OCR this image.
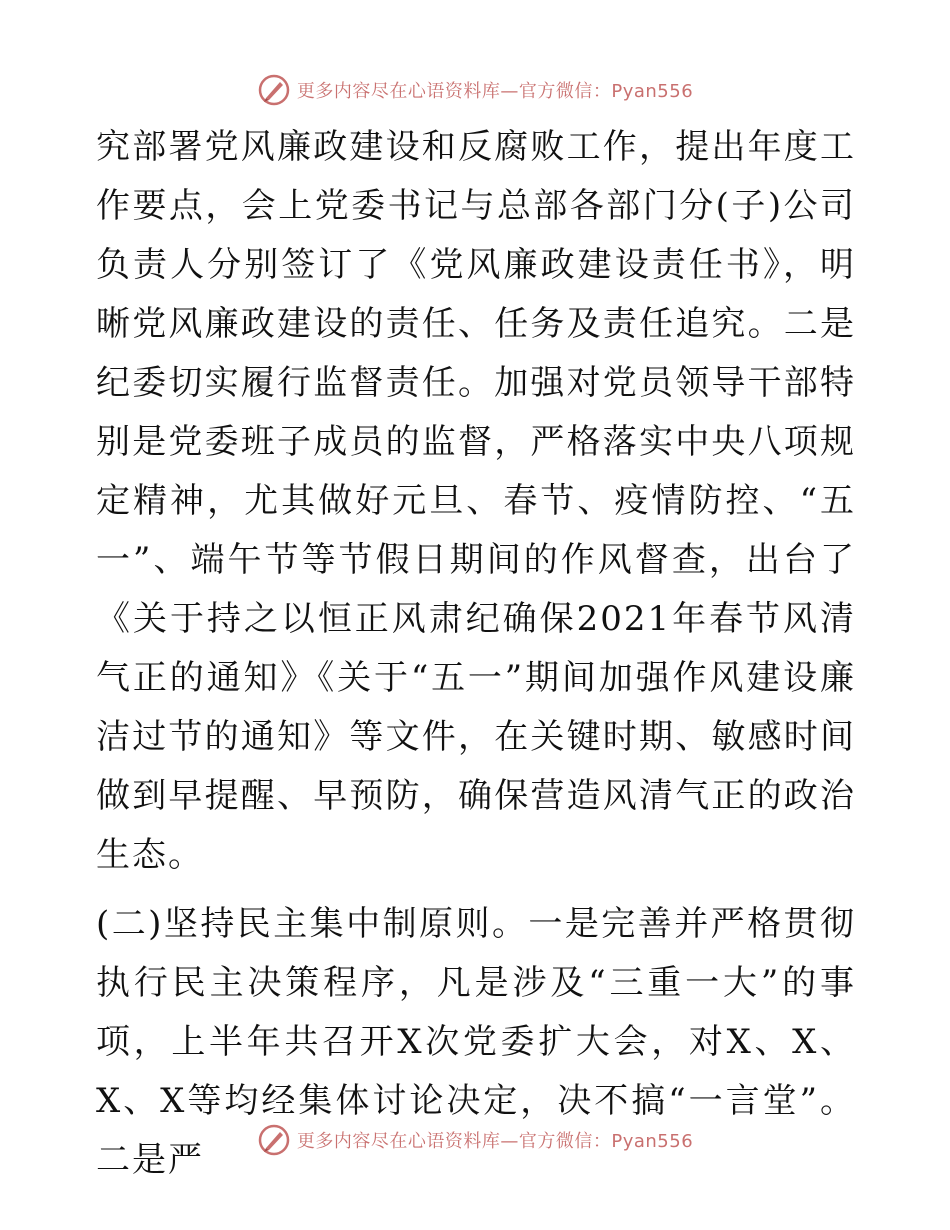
更多内容尽在心语资料库—官方微信：Pyan556

究部署党风廉政建设和反腐败工作，提出年度工作要点，会上党委书记与总部各部门分(子)公司负责人分别签订了《党风廉政建设责任书》，明晰党风廉政建设的责任、任务及责任追究。二是纪委切实履行监督责任。加强对党员领导干部特别是党委班子成员的监督，严格落实中央八项规定精神，尤其做好元旦、春节、疫情防控、“五一”、端午节等节假日期间的作风督查，出台了《关于持之以恒正风肃纪确保2021年春节风清气正的通知》《关于“五一”期间加强作风建设廉洁过节的通知》等文件，在关键时期、敏感时间做到早提醒、早预防，确保营造风清气正的政治生态。

(二)坚持民主集中制原则。一是完善并严格贯彻执行民主决策程序，凡是涉及“三重一大”的事项，上半年共召开X次党委扩大会，对X、X、X、X等均经集体讨论决定，决不搞“一言堂”。二是严	更多内容尽在心语资料库—官方微信：Pyan556
